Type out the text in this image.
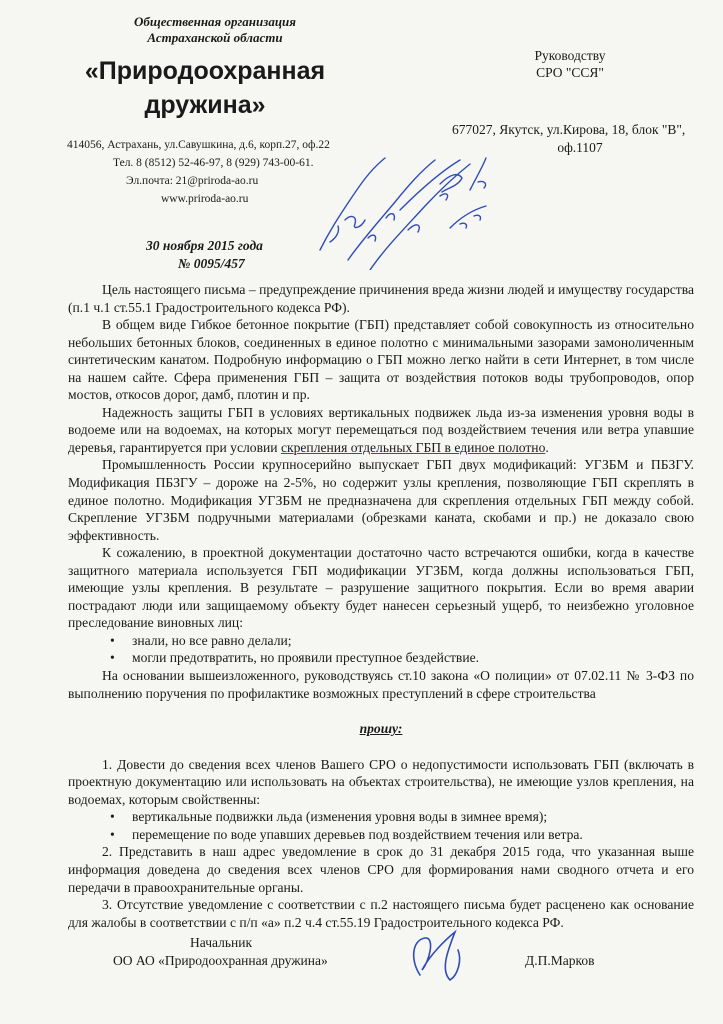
Общественная организация
Астраханской области
«Природоохранная
дружина»
414056, Астрахань, ул.Савушкина, д.6, корп.27, оф.22
Тел. 8 (8512) 52-46-97, 8 (929) 743-00-61.
Эл.почта: 21@priroda-ao.ru
www.priroda-ao.ru
Руководству
СРО "ССЯ"
677027, Якутск, ул.Кирова, 18, блок "В",
оф.1107
30 ноября 2015 года
№ 0095/457

Цель настоящего письма – предупреждение причинения вреда жизни людей и имуществу государства (п.1 ч.1 ст.55.1 Градостроительного кодекса РФ).

В общем виде Гибкое бетонное покрытие (ГБП) представляет собой совокупность из относительно небольших бетонных блоков, соединенных в единое полотно с минимальными зазорами замоноличенным синтетическим канатом. Подробную информацию о ГБП можно легко найти в сети Интернет, в том числе на нашем сайте. Сфера применения ГБП – защита от воздействия потоков воды трубопроводов, опор мостов, откосов дорог, дамб, плотин и пр.

Надежность защиты ГБП в условиях вертикальных подвижек льда из-за изменения уровня воды в водоеме или на водоемах, на которых могут перемещаться под воздействием течения или ветра упавшие деревья, гарантируется при условии скрепления отдельных ГБП в единое полотно.

Промышленность России крупносерийно выпускает ГБП двух модификаций: УГЗБМ и ПБЗГУ. Модификация ПБЗГУ – дороже на 2-5%, но содержит узлы крепления, позволяющие ГБП скреплять в единое полотно. Модификация УГЗБМ не предназначена для скрепления отдельных ГБП между собой. Скрепление УГЗБМ подручными материалами (обрезками каната, скобами и пр.) не доказало свою эффективность.

К сожалению, в проектной документации достаточно часто встречаются ошибки, когда в качестве защитного материала используется ГБП модификации УГЗБМ, когда должны использоваться ГБП, имеющие узлы крепления. В результате – разрушение защитного покрытия. Если во время аварии пострадают люди или защищаемому объекту будет нанесен серьезный ущерб, то неизбежно уголовное преследование виновных лиц:

• знали, но все равно делали;
• могли предотвратить, но проявили преступное бездействие.

На основании вышеизложенного, руководствуясь ст.10 закона «О полиции» от 07.02.11 № 3-ФЗ по выполнению поручения по профилактике возможных преступлений в сфере строительства

прошу:

1. Довести до сведения всех членов Вашего СРО о недопустимости использовать ГБП (включать в проектную документацию или использовать на объектах строительства), не имеющие узлов крепления, на водоемах, которым свойственны:

• вертикальные подвижки льда (изменения уровня воды в зимнее время);
• перемещение по воде упавших деревьев под воздействием течения или ветра.

2. Представить в наш адрес уведомление в срок до 31 декабря 2015 года, что указанная выше информация доведена до сведения всех членов СРО для формирования нами сводного отчета и его передачи в правоохранительные органы.

3. Отсутствие уведомление с соответствии с п.2 настоящего письма будет расценено как основание для жалобы в соответствии с п/п «а» п.2 ч.4 ст.55.19 Градостроительного кодекса РФ.

Начальник
ОО АО «Природоохранная дружина»	Д.П.Марков
